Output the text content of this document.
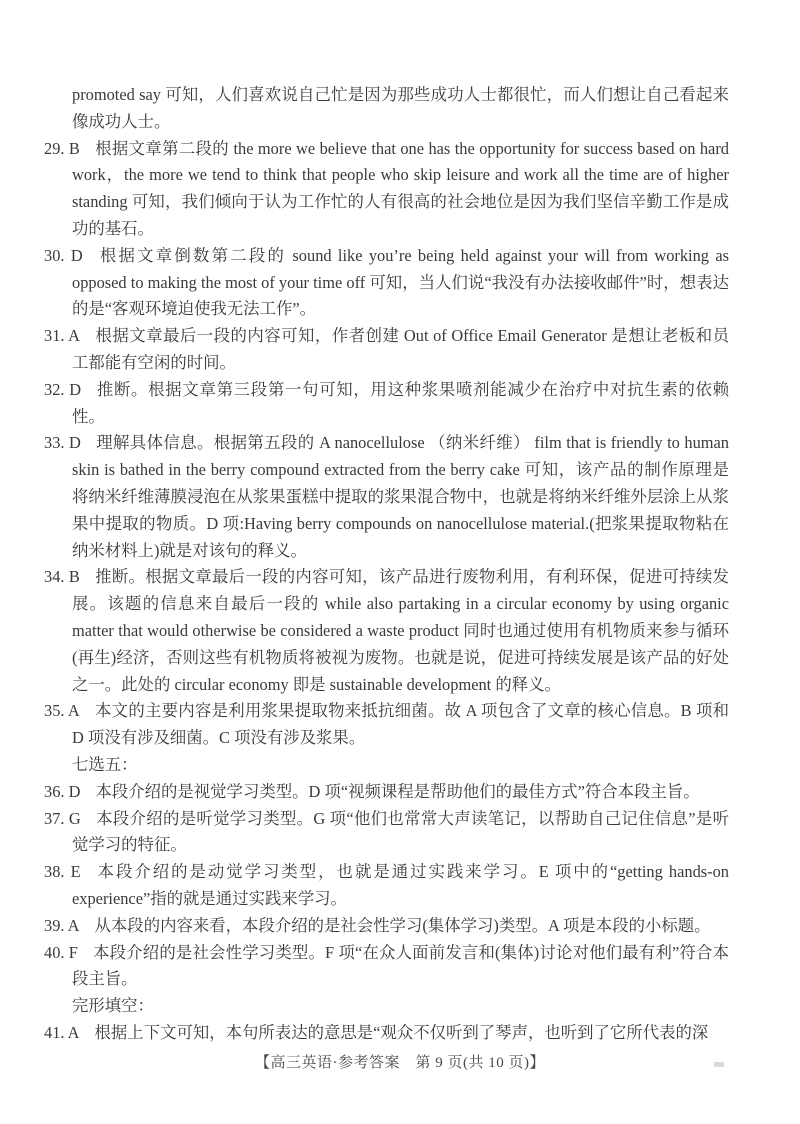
promoted say 可知，人们喜欢说自己忙是因为那些成功人士都很忙，而人们想让自己看起来像成功人士。

29. B 根据文章第二段的 the more we believe that one has the opportunity for success based on hard work，the more we tend to think that people who skip leisure and work all the time are of higher standing 可知，我们倾向于认为工作忙的人有很高的社会地位是因为我们坚信辛勤工作是成功的基石。

30. D 根据文章倒数第二段的 sound like you’re being held against your will from working as opposed to making the most of your time off 可知，当人们说“我没有办法接收邮件”时，想表达的是“客观环境迫使我无法工作”。

31. A 根据文章最后一段的内容可知，作者创建 Out of Office Email Generator 是想让老板和员工都能有空闲的时间。

32. D 推断。根据文章第三段第一句可知，用这种浆果喷剂能减少在治疗中对抗生素的依赖性。

33. D 理解具体信息。根据第五段的 A nanocellulose （纳米纤维） film that is friendly to human skin is bathed in the berry compound extracted from the berry cake 可知，该产品的制作原理是将纳米纤维薄膜浸泡在从浆果蛋糕中提取的浆果混合物中，也就是将纳米纤维外层涂上从浆果中提取的物质。D 项:Having berry compounds on nanocellulose material.(把浆果提取物粘在纳米材料上)就是对该句的释义。

34. B 推断。根据文章最后一段的内容可知，该产品进行废物利用，有利环保，促进可持续发展。该题的信息来自最后一段的 while also partaking in a circular economy by using organic matter that would otherwise be considered a waste product 同时也通过使用有机物质来参与循环(再生)经济，否则这些有机物质将被视为废物。也就是说，促进可持续发展是该产品的好处之一。此处的 circular economy 即是 sustainable development 的释义。

35. A 本文的主要内容是利用浆果提取物来抵抗细菌。故 A 项包含了文章的核心信息。B 项和 D 项没有涉及细菌。C 项没有涉及浆果。

七选五：

36. D 本段介绍的是视觉学习类型。D 项“视频课程是帮助他们的最佳方式”符合本段主旨。

37. G 本段介绍的是听觉学习类型。G 项“他们也常常大声读笔记，以帮助自己记住信息”是听觉学习的特征。

38. E 本段介绍的是动觉学习类型，也就是通过实践来学习。E 项中的“getting hands-on experience”指的就是通过实践来学习。

39. A 从本段的内容来看，本段介绍的是社会性学习(集体学习)类型。A 项是本段的小标题。

40. F 本段介绍的是社会性学习类型。F 项“在众人面前发言和(集体)讨论对他们最有利”符合本段主旨。

完形填空：

41. A 根据上下文可知，本句所表达的意思是“观众不仅听到了琴声，也听到了它所代表的深

【高三英语·参考答案　第 9 页(共 10 页)】
